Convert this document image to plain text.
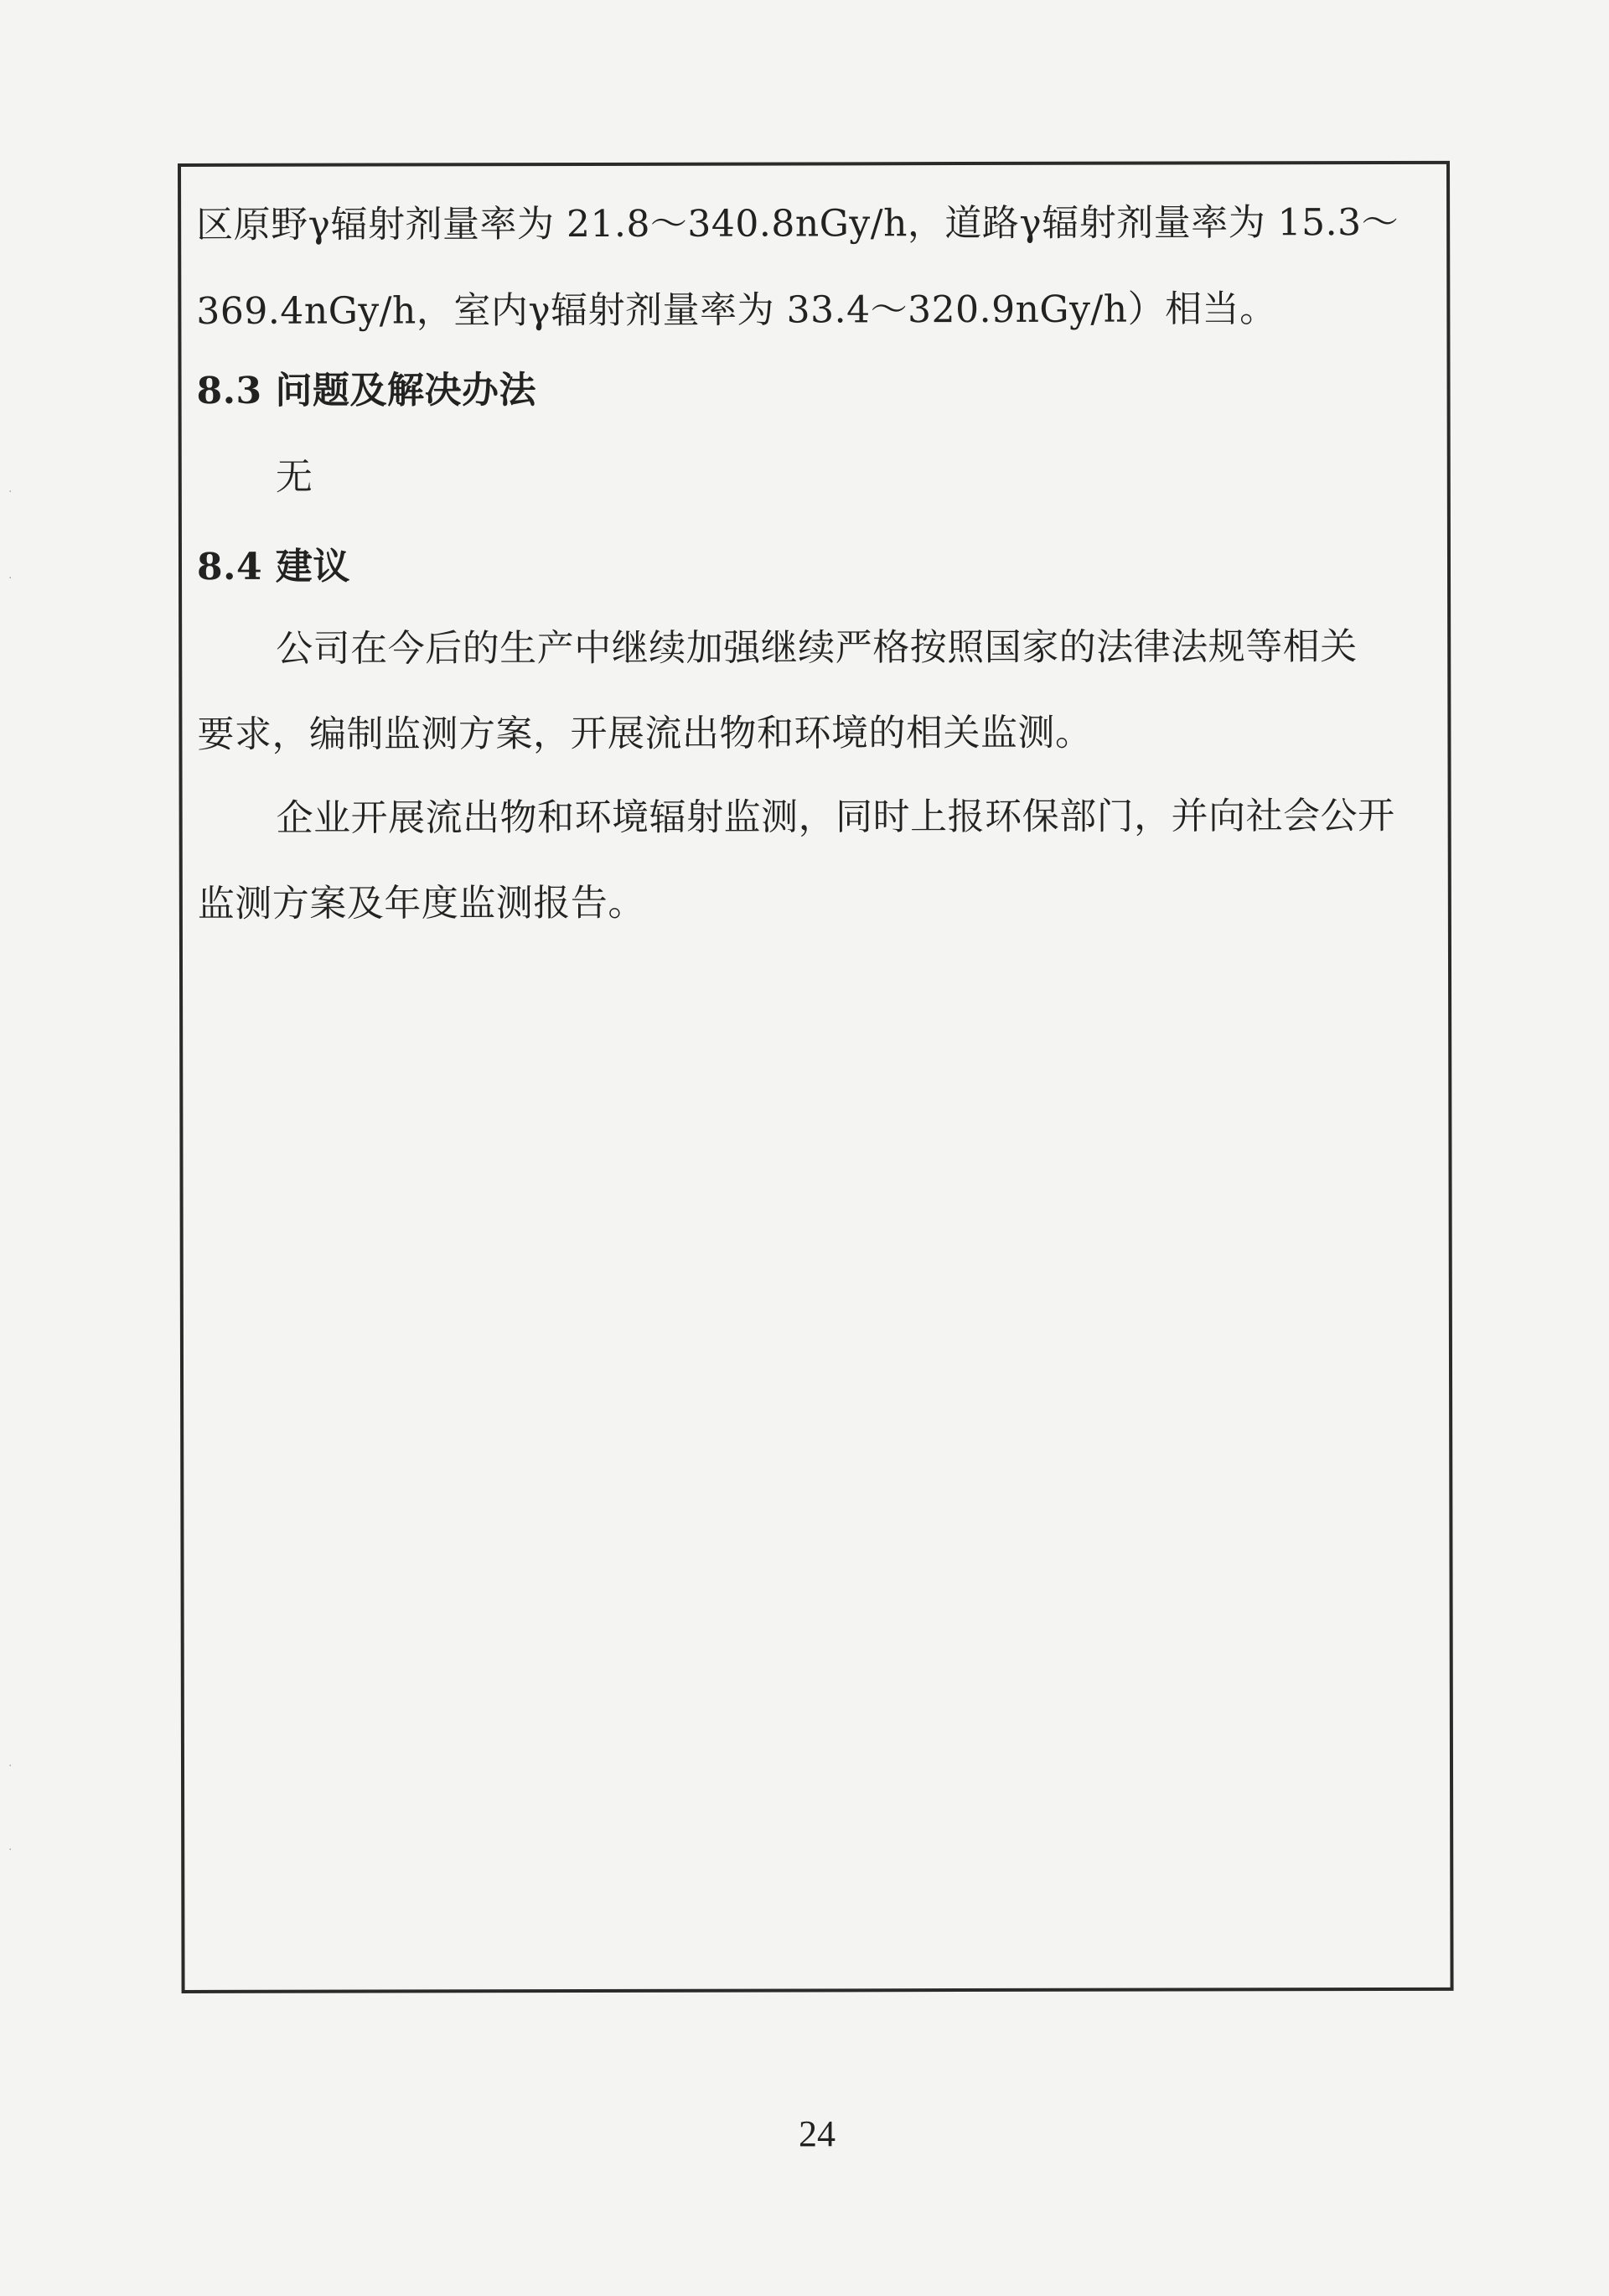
·
·
·
·
区原野γ辐射剂量率为 21.8～340.8nGy/h，道路γ辐射剂量率为 15.3～
369.4nGy/h，室内γ辐射剂量率为 33.4～320.9nGy/h）相当。
8.3 问题及解决办法
无
8.4 建议
公司在今后的生产中继续加强继续严格按照国家的法律法规等相关
要求，编制监测方案，开展流出物和环境的相关监测。
企业开展流出物和环境辐射监测，同时上报环保部门，并向社会公开
监测方案及年度监测报告。
24
